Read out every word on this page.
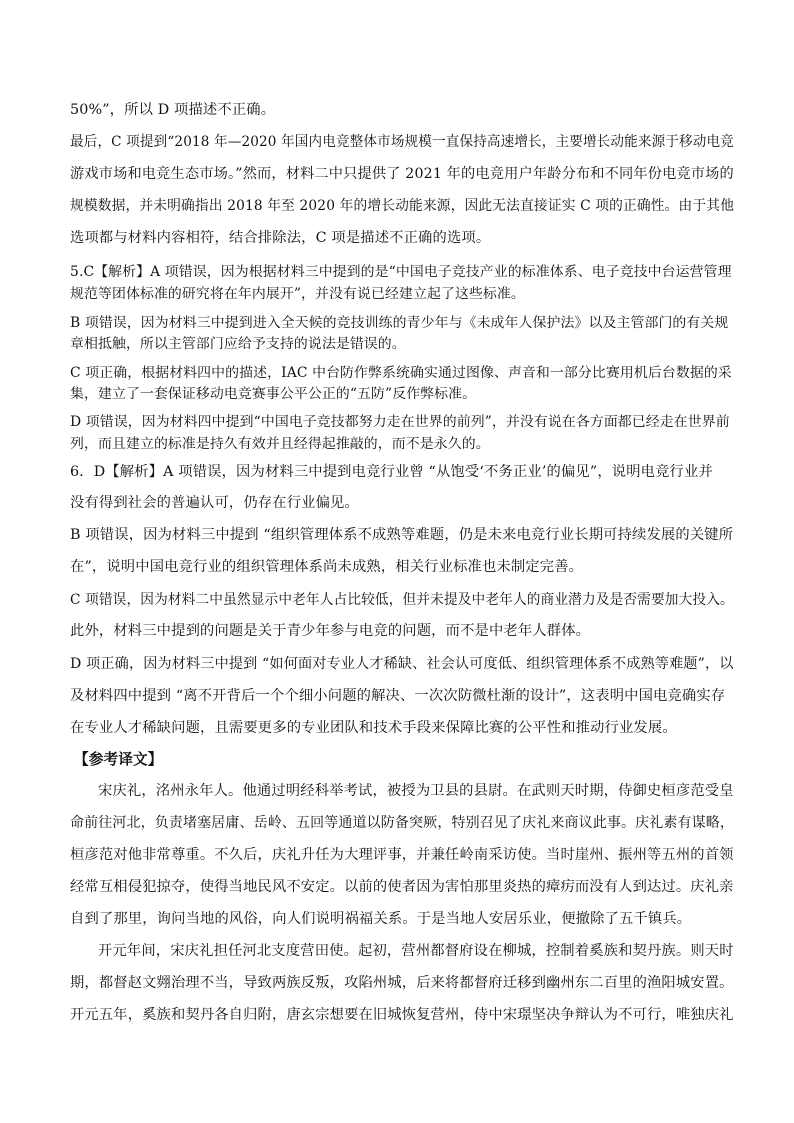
50%”，所以 D 项描述不正确。
最后，C 项提到“2018 年—2020 年国内电竞整体市场规模一直保持高速增长，主要增长动能来源于移动电竞
游戏市场和电竞生态市场。”然而，材料二中只提供了 2021 年的电竞用户年龄分布和不同年份电竞市场的
规模数据，并未明确指出 2018 年至 2020 年的增长动能来源，因此无法直接证实 C 项的正确性。由于其他
选项都与材料内容相符，结合排除法，C 项是描述不正确的选项。
5.C【解析】A 项错误，因为根据材料三中提到的是“中国电子竞技产业的标准体系、电子竞技中台运营管理
规范等团体标准的研究将在年内展开”，并没有说已经建立起了这些标准。
B 项错误，因为材料三中提到进入全天候的竞技训练的青少年与《未成年人保护法》以及主管部门的有关规
章相抵触，所以主管部门应给予支持的说法是错误的。
C 项正确，根据材料四中的描述，IAC 中台防作弊系统确实通过图像、声音和一部分比赛用机后台数据的采
集，建立了一套保证移动电竞赛事公平公正的“五防”反作弊标准。
D 项错误，因为材料四中提到“中国电子竞技都努力走在世界的前列”，并没有说在各方面都已经走在世界前
列，而且建立的标准是持久有效并且经得起推敲的，而不是永久的。
6．D【解析】A 项错误，因为材料三中提到电竞行业曾 “从饱受‘不务正业’的偏见”，说明电竞行业并
没有得到社会的普遍认可，仍存在行业偏见。
B 项错误，因为材料三中提到 “组织管理体系不成熟等难题，仍是未来电竞行业长期可持续发展的关键所
在”，说明中国电竞行业的组织管理体系尚未成熟，相关行业标准也未制定完善。
C 项错误，因为材料二中虽然显示中老年人占比较低，但并未提及中老年人的商业潜力及是否需要加大投入。
此外，材料三中提到的问题是关于青少年参与电竞的问题，而不是中老年人群体。
D 项正确，因为材料三中提到 “如何面对专业人才稀缺、社会认可度低、组织管理体系不成熟等难题”，以
及材料四中提到 “离不开背后一个个细小问题的解决、一次次防微杜渐的设计”，这表明中国电竞确实存
在专业人才稀缺问题，且需要更多的专业团队和技术手段来保障比赛的公平性和推动行业发展。
【参考译文】
宋庆礼，洺州永年人。他通过明经科举考试，被授为卫县的县尉。在武则天时期，侍御史桓彦范受皇
命前往河北，负责堵塞居庸、岳岭、五回等通道以防备突厥，特别召见了庆礼来商议此事。庆礼素有谋略，
桓彦范对他非常尊重。不久后，庆礼升任为大理评事，并兼任岭南采访使。当时崖州、振州等五州的首领
经常互相侵犯掠夺，使得当地民风不安定。以前的使者因为害怕那里炎热的瘴疠而没有人到达过。庆礼亲
自到了那里，询问当地的风俗，向人们说明祸福关系。于是当地人安居乐业，便撤除了五千镇兵。
开元年间，宋庆礼担任河北支度营田使。起初，营州都督府设在柳城，控制着奚族和契丹族。则天时
期，都督赵文翙治理不当，导致两族反叛，攻陷州城，后来将都督府迁移到幽州东二百里的渔阳城安置。
开元五年，奚族和契丹各自归附，唐玄宗想要在旧城恢复营州，侍中宋璟坚决争辩认为不可行，唯独庆礼
